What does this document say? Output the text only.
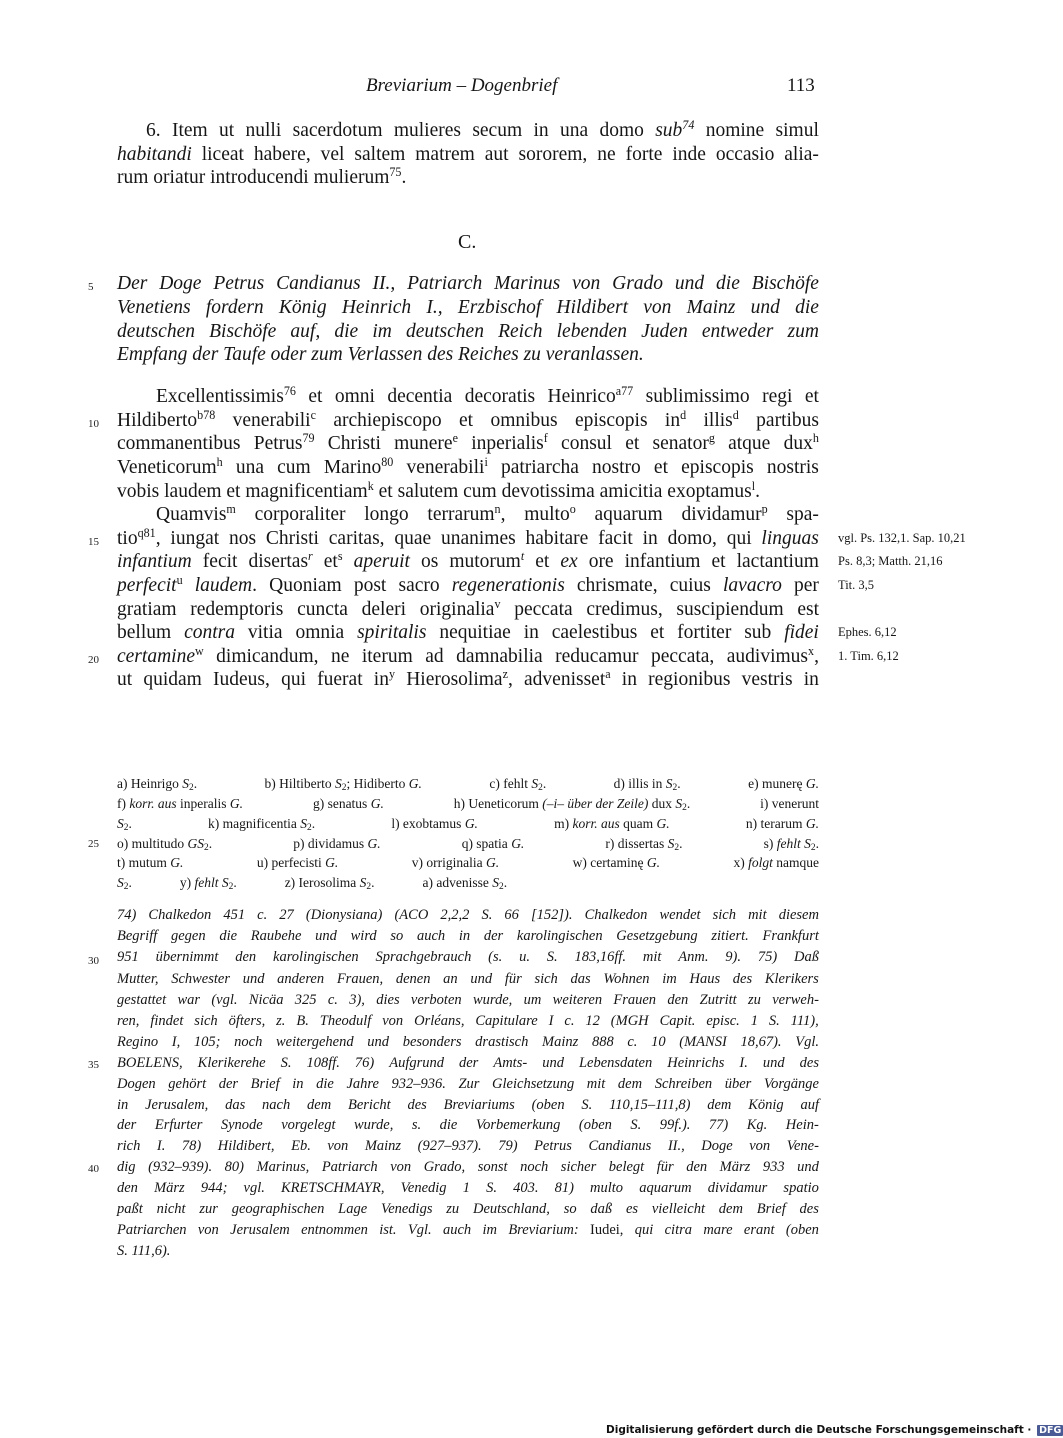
Breviarium – Dogenbrief	113
6. Item ut nulli sacerdotum mulieres secum in una domo sub$^{74}$ nomine simul
habitandi liceat habere, vel saltem matrem aut sororem, ne forte inde occasio alia-
rum oriatur introducendi mulierum$^{75}$.
C.
Der Doge Petrus Candianus II., Patriarch Marinus von Grado und die Bischöfe
Venetiens fordern König Heinrich I., Erzbischof Hildibert von Mainz und die
deutschen Bischöfe auf, die im deutschen Reich lebenden Juden entweder zum
Empfang der Taufe oder zum Verlassen des Reiches zu veranlassen.
Excellentissimis$^{76}$ et omni decentia decoratis Heinrico$^{a77}$ sublimissimo regi et
Hildiberto$^{b78}$ venerabili$^c$ archiepiscopo et omnibus episcopis $in^d$ illis$^d$ partibus
commanentibus Petrus$^{79}$ Christi munere$^e$ inperialis$^f$ consul et senator$^g$ atque dux$^h$
Veneticorum$^h$ una cum Marino$^{80}$ venerabili$^i$ patriarcha nostro et episcopis nostris
vobis laudem et magnificentiam$^k$ et salutem cum devotissima amicitia exoptamus$^l$.
Quamvis$^m$ corporaliter longo terrarum$^n$, multo$^o$ aquarum dividamur$^p$ spa-
tio$^{q81}$, iungat nos Christi caritas, quae unanimes habitare facit in domo, qui linguas
infantium fecit disertas$^r$ $et^s$ aperuit os mutorum$^t$ et ex ore infantium et lactantium
perfecit$^u$ laudem. Quoniam post sacro regenerationis chrismate, cuius lavacro per
gratiam redemptoris cuncta deleri originalia$^v$ peccata credimus, suscipiendum est
bellum contra vitia omnia spiritalis nequitiae in caelestibus et fortiter sub fidei
certamine$^w$ dimicandum, ne iterum ad damnabilia reducamur peccata, audivimus$^x$,
ut quidam Iudeus, qui fuerat $in^y$ Hierosolima$^z$, advenisset$^a$ in regionibus vestris in
vgl. Ps. 132,1. Sap. 10,21
Ps. 8,3; Matth. 21,16
Tit. 3,5
Ephes. 6,12
1. Tim. 6,12
5
10
15
20
25
30
35
40
a) Heinrigo $S_2$.	b) Hiltiberto $S_2$; Hidiberto G.	c) fehlt $S_2$.	d) illis in $S_2$.	e) munerę G.
f) korr. aus inperalis G.	g) senatus G.	h) Ueneticorum (–i– über der Zeile) dux $S_2$.	i) venerunt
$S_2$.	k) magnificentia $S_2$.	l) exobtamus G.	m) korr. aus quam G.	n) terarum G.
o) multitudo $GS_2$.	p) dividamus G.	q) spatia G.	r) dissertas $S_2$.	s) fehlt $S_2$.
t) mutum G.	u) perfecisti G.	v) orriginalia G.	w) certaminę G.	x) folgt namque
$S_2$.	y) fehlt $S_2$.	z) Ierosolima $S_2$.	a) advenisse $S_2$.
74) Chalkedon 451 c. 27 (Dionysiana) (ACO 2,2,2 S. 66 [152]). Chalkedon wendet sich mit diesem
Begriff gegen die Raubehe und wird so auch in der karolingischen Gesetzgebung zitiert. Frankfurt
951 übernimmt den karolingischen Sprachgebrauch (s. u. S. 183,16ff. mit Anm. 9). 75) Daß
Mutter, Schwester und anderen Frauen, denen an und für sich das Wohnen im Haus des Klerikers
gestattet war (vgl. Nicäa 325 c. 3), dies verboten wurde, um weiteren Frauen den Zutritt zu verweh-
ren, findet sich öfters, z. B. Theodulf von Orléans, Capitulare I c. 12 (MGH Capit. episc. 1 S. 111),
Regino I, 105; noch weitergehend und besonders drastisch Mainz 888 c. 10 (MANSI 18,67). Vgl.
BOELENS, Klerikerehe S. 108ff. 76) Aufgrund der Amts- und Lebensdaten Heinrichs I. und des
Dogen gehört der Brief in die Jahre 932–936. Zur Gleichsetzung mit dem Schreiben über Vorgänge
in Jerusalem, das nach dem Bericht des Breviariums (oben S. 110,15–111,8) dem König auf
der Erfurter Synode vorgelegt wurde, s. die Vorbemerkung (oben S. 99f.). 77) Kg. Hein-
rich I. 78) Hildibert, Eb. von Mainz (927–937). 79) Petrus Candianus II., Doge von Vene-
dig (932–939). 80) Marinus, Patriarch von Grado, sonst noch sicher belegt für den März 933 und
den März 944; vgl. KRETSCHMAYR, Venedig 1 S. 403. 81) multo aquarum dividamur spatio
paßt nicht zur geographischen Lage Venedigs zu Deutschland, so daß es vielleicht dem Brief des
Patriarchen von Jerusalem entnommen ist. Vgl. auch im Breviarium: Iudei, qui citra mare erant (oben
S. 111,6).
Digitalisierung gefördert durch die Deutsche Forschungsgemeinschaft · DFG
